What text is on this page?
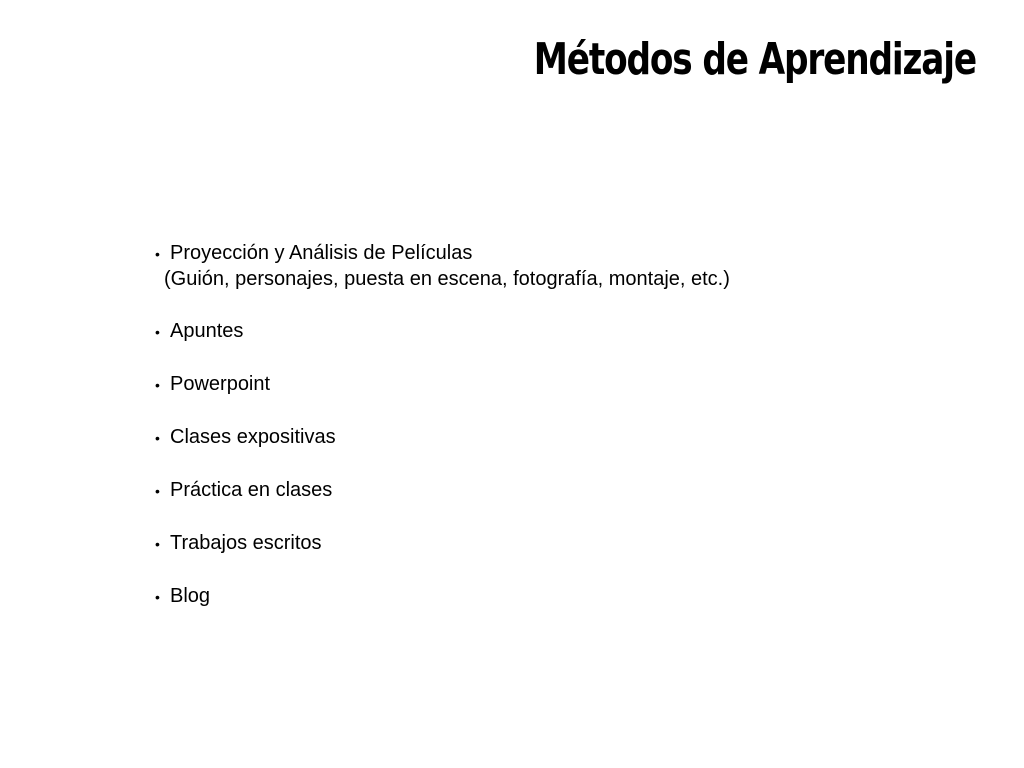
Métodos de Aprendizaje
• Proyección y Análisis de Películas
(Guión, personajes, puesta en escena, fotografía, montaje, etc.)
• Apuntes
• Powerpoint
• Clases expositivas
• Práctica en clases
• Trabajos escritos
• Blog
